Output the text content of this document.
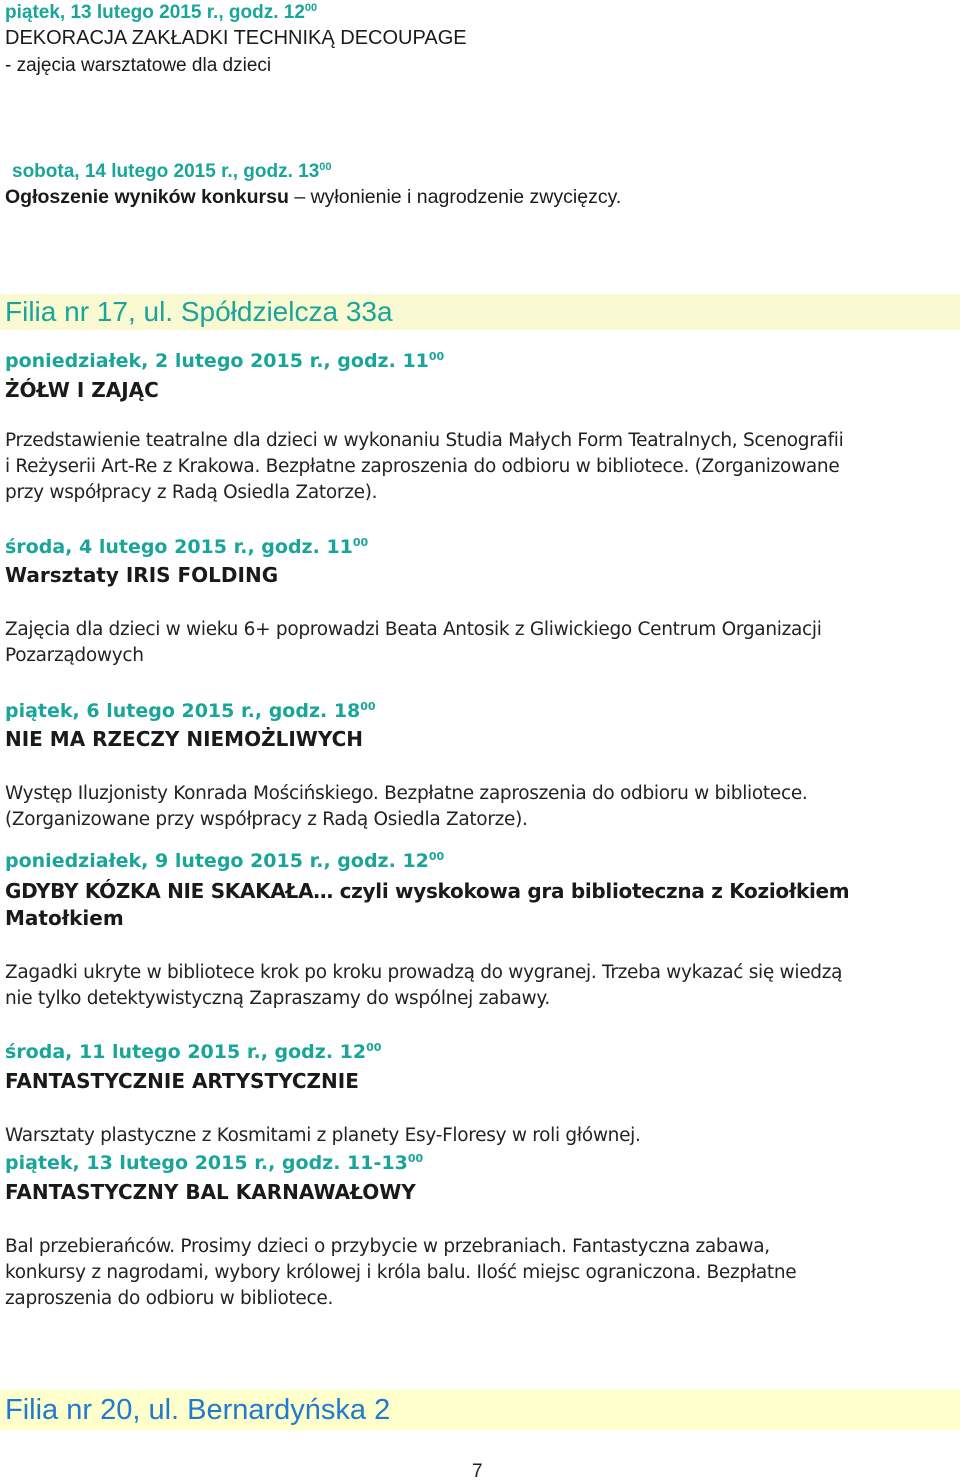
piątek, 13 lutego 2015 r., godz. $12^{00}$
DEKORACJA ZAKŁADKI TECHNIKĄ DECOUPAGE
- zajęcia warsztatowe dla dzieci
sobota, 14 lutego 2015 r., godz. $13^{00}$
Ogłoszenie wyników konkursu – wyłonienie i nagrodzenie zwycięzcy.
Filia nr 17, ul. Spółdzielcza 33a
poniedziałek, 2 lutego 2015 r., godz. $11^{00}$
ŻÓŁW I ZAJĄC
Przedstawienie teatralne dla dzieci w wykonaniu Studia Małych Form Teatralnych, Scenografii
i Reżyserii Art-Re z Krakowa. Bezpłatne zaproszenia do odbioru w bibliotece. (Zorganizowane
przy współpracy z Radą Osiedla Zatorze).
środa, 4 lutego 2015 r., godz. $11^{00}$
Warsztaty IRIS FOLDING
Zajęcia dla dzieci w wieku 6+ poprowadzi Beata Antosik z Gliwickiego Centrum Organizacji
Pozarządowych
piątek, 6 lutego 2015 r., godz. $18^{00}$
NIE MA RZECZY NIEMOŻLIWYCH
Występ Iluzjonisty Konrada Mościńskiego. Bezpłatne zaproszenia do odbioru w bibliotece.
(Zorganizowane przy współpracy z Radą Osiedla Zatorze).
poniedziałek, 9 lutego 2015 r., godz. $12^{00}$
GDYBY KÓZKA NIE SKAKAŁA… czyli wyskokowa gra biblioteczna z Koziołkiem
Matołkiem
Zagadki ukryte w bibliotece krok po kroku prowadzą do wygranej. Trzeba wykazać się wiedzą
nie tylko detektywistyczną Zapraszamy do wspólnej zabawy.
środa, 11 lutego 2015 r., godz. $12^{00}$
FANTASTYCZNIE ARTYSTYCZNIE
Warsztaty plastyczne z Kosmitami z planety Esy-Floresy w roli głównej.
piątek, 13 lutego 2015 r., godz. $11-13^{00}$
FANTASTYCZNY BAL KARNAWAŁOWY
Bal przebierańców. Prosimy dzieci o przybycie w przebraniach. Fantastyczna zabawa,
konkursy z nagrodami, wybory królowej i króla balu. Ilość miejsc ograniczona. Bezpłatne
zaproszenia do odbioru w bibliotece.
Filia nr 20, ul. Bernardyńska 2
7
